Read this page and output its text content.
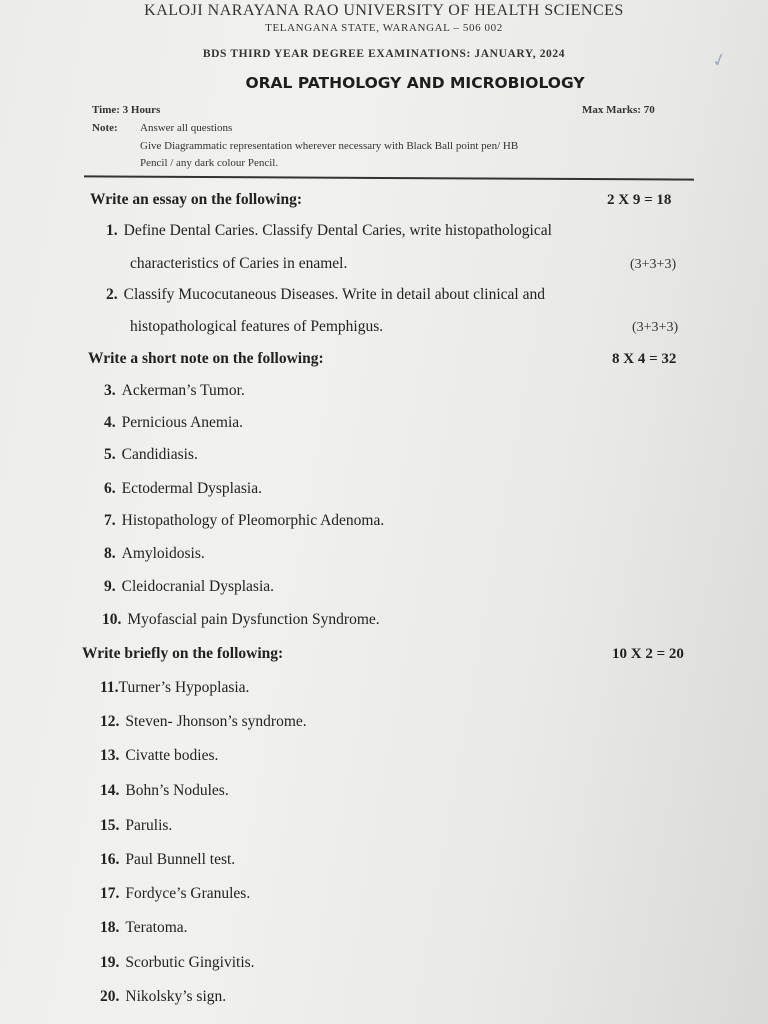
KALOJI NARAYANA RAO UNIVERSITY OF HEALTH SCIENCES
TELANGANA STATE, WARANGAL – 506 002
BDS THIRD YEAR DEGREE EXAMINATIONS: JANUARY, 2024
ORAL PATHOLOGY AND MICROBIOLOGY
✓
Time: 3 Hours	Max Marks: 70
Note: Answer all questions
Give Diagrammatic representation wherever necessary with Black Ball point pen/ HB
Pencil / any dark colour Pencil.
Write an essay on the following:	2 X 9 = 18
1. Define Dental Caries. Classify Dental Caries, write histopathological
characteristics of Caries in enamel.	(3+3+3)
2. Classify Mucocutaneous Diseases. Write in detail about clinical and
histopathological features of Pemphigus.	(3+3+3)
Write a short note on the following:	8 X 4 = 32
3. Ackerman’s Tumor.
4. Pernicious Anemia.
5. Candidiasis.
6. Ectodermal Dysplasia.
7. Histopathology of Pleomorphic Adenoma.
8. Amyloidosis.
9. Cleidocranial Dysplasia.
10. Myofascial pain Dysfunction Syndrome.
Write briefly on the following:	10 X 2 = 20
11.Turner’s Hypoplasia.
12. Steven- Jhonson’s syndrome.
13. Civatte bodies.
14. Bohn’s Nodules.
15. Parulis.
16. Paul Bunnell test.
17. Fordyce’s Granules.
18. Teratoma.
19. Scorbutic Gingivitis.
20. Nikolsky’s sign.
